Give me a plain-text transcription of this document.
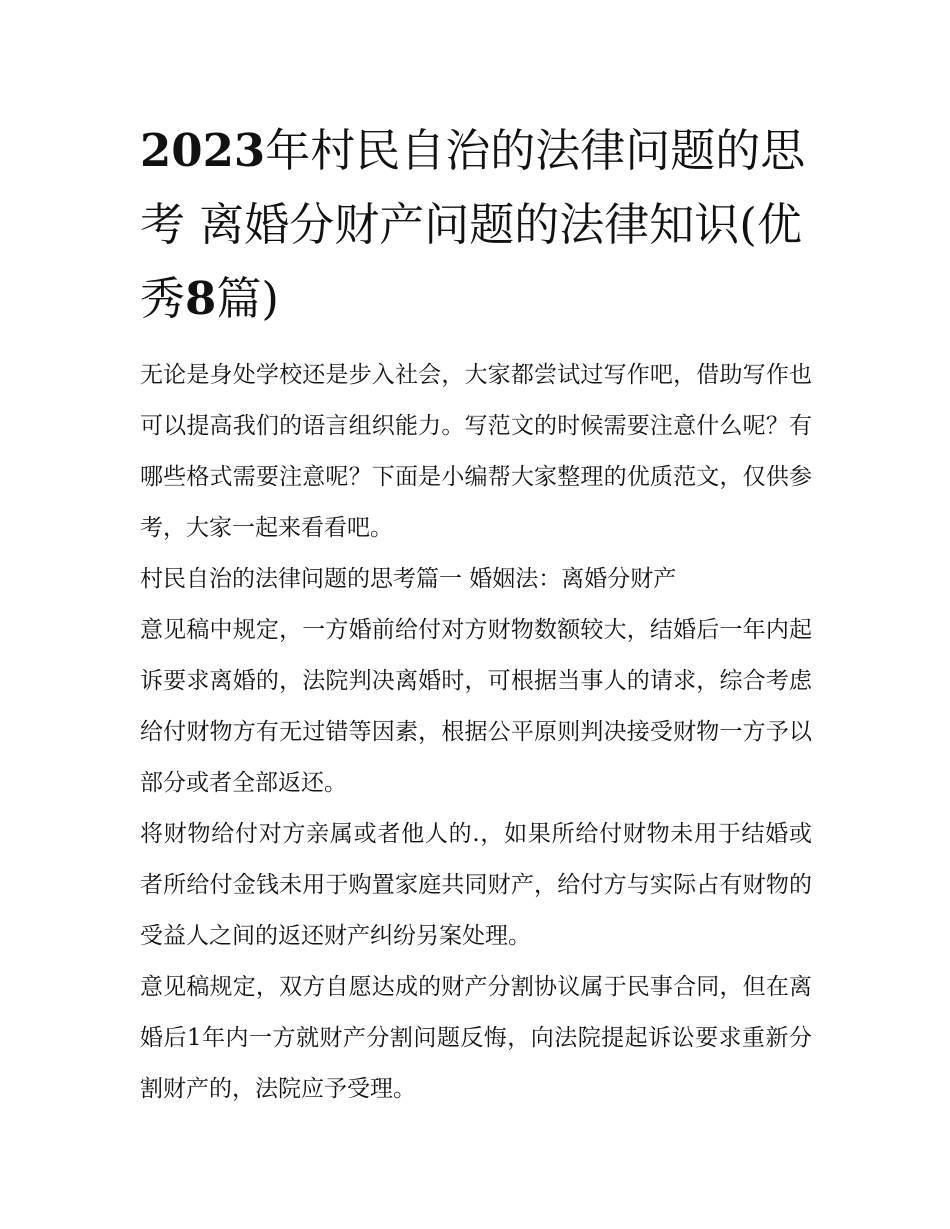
2023年村民自治的法律问题的思考 离婚分财产问题的法律知识(优秀8篇)

无论是身处学校还是步入社会，大家都尝试过写作吧，借助写作也可以提高我们的语言组织能力。写范文的时候需要注意什么呢？有哪些格式需要注意呢？下面是小编帮大家整理的优质范文，仅供参考，大家一起来看看吧。

村民自治的法律问题的思考篇一 婚姻法：离婚分财产

意见稿中规定，一方婚前给付对方财物数额较大，结婚后一年内起诉要求离婚的，法院判决离婚时，可根据当事人的请求，综合考虑给付财物方有无过错等因素，根据公平原则判决接受财物一方予以部分或者全部返还。

将财物给付对方亲属或者他人的.，如果所给付财物未用于结婚或者所给付金钱未用于购置家庭共同财产，给付方与实际占有财物的受益人之间的返还财产纠纷另案处理。

意见稿规定，双方自愿达成的财产分割协议属于民事合同，但在离婚后1年内一方就财产分割问题反悔，向法院提起诉讼要求重新分割财产的，法院应予受理。
